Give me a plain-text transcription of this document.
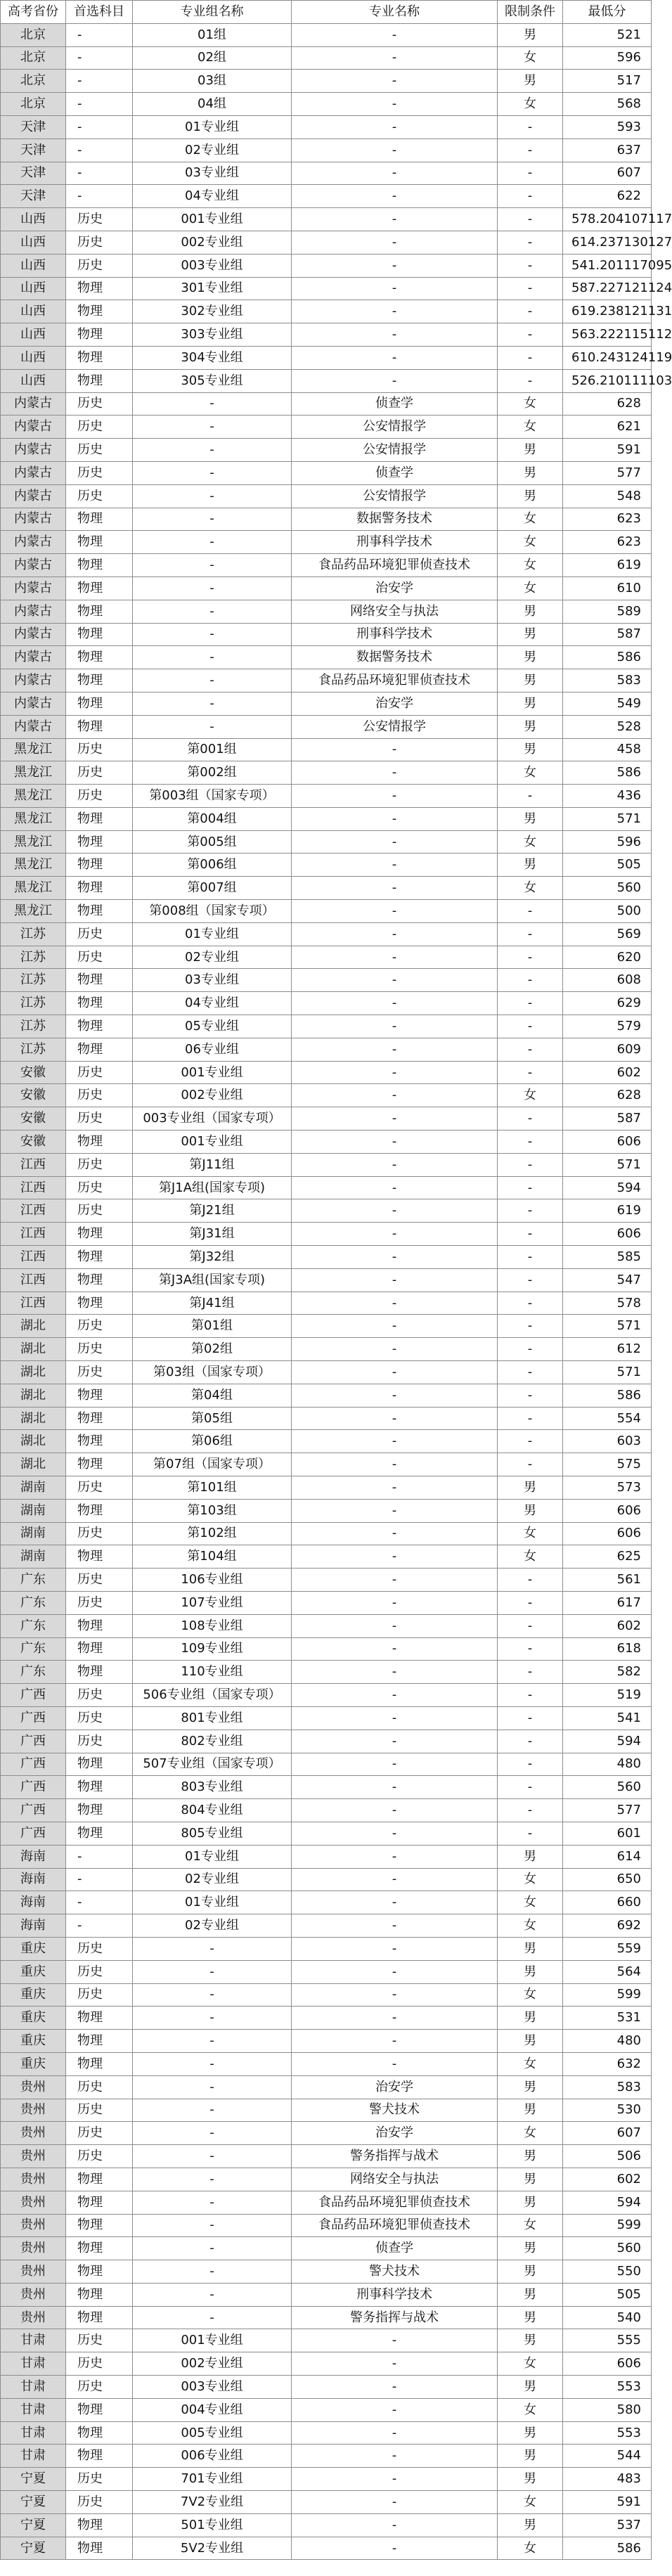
高考省份	首选科目	专业组名称	专业名称	限制条件	最低分
北京	-	01组	-	男	521
北京	-	02组	-	女	596
北京	-	03组	-	男	517
北京	-	04组	-	女	568
天津	-	01专业组	-	-	593
天津	-	02专业组	-	-	637
天津	-	03专业组	-	-	607
天津	-	04专业组	-	-	622
山西	历史	001专业组	-	-	578.204107117
山西	历史	002专业组	-	-	614.237130127
山西	历史	003专业组	-	-	541.201117095
山西	物理	301专业组	-	-	587.227121124
山西	物理	302专业组	-	-	619.238121131
山西	物理	303专业组	-	-	563.222115112
山西	物理	304专业组	-	-	610.243124119
山西	物理	305专业组	-	-	526.210111103
内蒙古	历史	-	侦查学	女	628
内蒙古	历史	-	公安情报学	女	621
内蒙古	历史	-	公安情报学	男	591
内蒙古	历史	-	侦查学	男	577
内蒙古	历史	-	公安情报学	男	548
内蒙古	物理	-	数据警务技术	女	623
内蒙古	物理	-	刑事科学技术	女	623
内蒙古	物理	-	食品药品环境犯罪侦查技术	女	619
内蒙古	物理	-	治安学	女	610
内蒙古	物理	-	网络安全与执法	男	589
内蒙古	物理	-	刑事科学技术	男	587
内蒙古	物理	-	数据警务技术	男	586
内蒙古	物理	-	食品药品环境犯罪侦查技术	男	583
内蒙古	物理	-	治安学	男	549
内蒙古	物理	-	公安情报学	男	528
黑龙江	历史	第001组	-	男	458
黑龙江	历史	第002组	-	女	586
黑龙江	历史	第003组（国家专项）	-	-	436
黑龙江	物理	第004组	-	男	571
黑龙江	物理	第005组	-	女	596
黑龙江	物理	第006组	-	男	505
黑龙江	物理	第007组	-	女	560
黑龙江	物理	第008组（国家专项）	-	-	500
江苏	历史	01专业组	-	-	569
江苏	历史	02专业组	-	-	620
江苏	物理	03专业组	-	-	608
江苏	物理	04专业组	-	-	629
江苏	物理	05专业组	-	-	579
江苏	物理	06专业组	-	-	609
安徽	历史	001专业组	-	-	602
安徽	历史	002专业组	-	女	628
安徽	历史	003专业组（国家专项）	-	-	587
安徽	物理	001专业组	-	-	606
江西	历史	第J11组	-	-	571
江西	历史	第J1A组(国家专项)	-	-	594
江西	历史	第J21组	-	-	619
江西	物理	第J31组	-	-	606
江西	物理	第J32组	-	-	585
江西	物理	第J3A组(国家专项)	-	-	547
江西	物理	第J41组	-	-	578
湖北	历史	第01组	-	-	571
湖北	历史	第02组	-	-	612
湖北	历史	第03组（国家专项）	-	-	571
湖北	物理	第04组	-	-	586
湖北	物理	第05组	-	-	554
湖北	物理	第06组	-	-	603
湖北	物理	第07组（国家专项）	-	-	575
湖南	历史	第101组	-	男	573
湖南	物理	第103组	-	男	606
湖南	历史	第102组	-	女	606
湖南	物理	第104组	-	女	625
广东	历史	106专业组	-	-	561
广东	历史	107专业组	-	-	617
广东	物理	108专业组	-	-	602
广东	物理	109专业组	-	-	618
广东	物理	110专业组	-	-	582
广西	历史	506专业组（国家专项）	-	-	519
广西	历史	801专业组	-	-	541
广西	历史	802专业组	-	-	594
广西	物理	507专业组（国家专项）	-	-	480
广西	物理	803专业组	-	-	560
广西	物理	804专业组	-	-	577
广西	物理	805专业组	-	-	601
海南	-	01专业组	-	男	614
海南	-	02专业组	-	女	650
海南	-	01专业组	-	女	660
海南	-	02专业组	-	女	692
重庆	历史	-	-	男	559
重庆	历史	-	-	男	564
重庆	历史	-	-	女	599
重庆	物理	-	-	男	531
重庆	物理	-	-	男	480
重庆	物理	-	-	女	632
贵州	历史	-	治安学	男	583
贵州	历史	-	警犬技术	男	530
贵州	历史	-	治安学	女	607
贵州	历史	-	警务指挥与战术	男	506
贵州	物理	-	网络安全与执法	男	602
贵州	物理	-	食品药品环境犯罪侦查技术	男	594
贵州	物理	-	食品药品环境犯罪侦查技术	女	599
贵州	物理	-	侦查学	男	560
贵州	物理	-	警犬技术	男	550
贵州	物理	-	刑事科学技术	男	505
贵州	物理	-	警务指挥与战术	男	540
甘肃	历史	001专业组	-	男	555
甘肃	历史	002专业组	-	女	606
甘肃	历史	003专业组	-	男	553
甘肃	物理	004专业组	-	女	580
甘肃	物理	005专业组	-	男	553
甘肃	物理	006专业组	-	男	544
宁夏	历史	701专业组	-	男	483
宁夏	历史	7V2专业组	-	女	591
宁夏	物理	501专业组	-	男	537
宁夏	物理	5V2专业组	-	女	586
